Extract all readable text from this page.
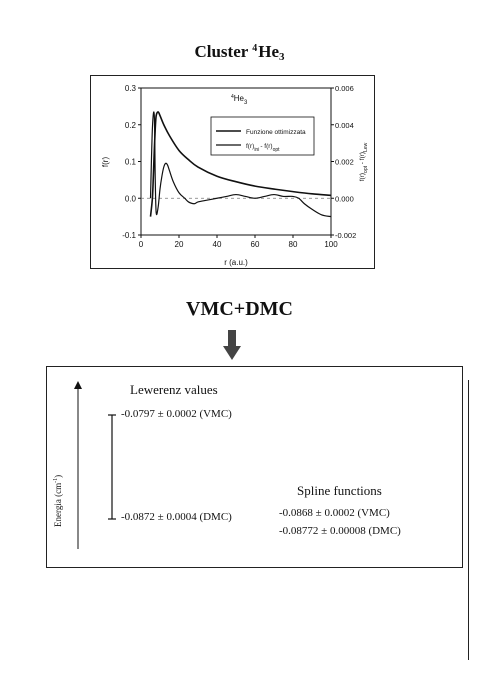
Cluster $^4He_3$
0	20	40	60	80	100
0.3
0.2
0.1
0.0
-0.1
0.006
0.004
0.002
0.000
-0.002
$^4He_3$
Funzione ottimizzata
$f(r)_{ini}-$ $f(r)_{opt}$
r (a.u.)
f(r)
$f(r)_{opt} - f(r)_{Lew}$
VMC+DMC
Energia $(cm^{-1})$
Lewerenz values
-0.0797 ± 0.0002 (VMC)
-0.0872 ± 0.0004 (DMC)
Spline functions
-0.0868 ± 0.0002 (VMC)
-0.08772 ± 0.00008 (DMC)
